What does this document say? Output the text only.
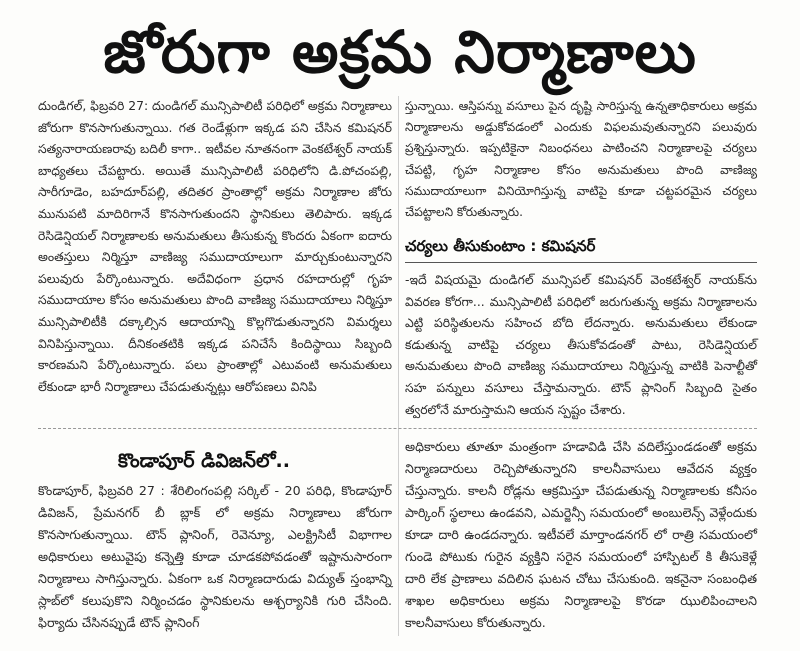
జోరుగా అక్రమ నిర్మాణాలు

దుండిగల్, ఫిబ్రవరి 27: దుండిగల్ మున్సిపాలిటీ పరిధిలో అక్రమ నిర్మాణాలు జోరుగా కొనసాగుతున్నాయి. గత రెండేళ్లుగా ఇక్కడ పని చేసిన కమిషనర్ సత్యనారాయణరావు బదిలీ కాగా.. ఇటీవల నూతనంగా వెంకటేశ్వర్ నాయక్ బాధ్యతలు చేపట్టారు. అయితే మున్సిపాలిటీ పరిధిలోని డి.పోచంపల్లి, సారీగూడెం, బహదూర్‌పల్లి, తదితర ప్రాంతాల్లో అక్రమ నిర్మాణాల జోరు మునుపటి మాదిరిగానే కొనసాగుతుందని స్థానికులు తెలిపారు. ఇక్కడ రెసిడెన్షియల్ నిర్మాణాలకు అనుమతులు తీసుకున్న కొందరు ఏకంగా ఐదారు అంతస్తులు నిర్మిస్తూ వాణిజ్య సముదాయాలుగా మార్చుకుంటున్నారని పలువురు పేర్కొంటున్నారు. అదేవిధంగా ప్రధాన రహదారుల్లో గృహ సముదాయాల కోసం అనుమతులు పొంది వాణిజ్య సముదాయాలు నిర్మిస్తూ మున్సిపాలిటీకి దక్కాల్సిన ఆదాయాన్ని కొల్లగొడుతున్నారని విమర్శలు వినిపిస్తున్నాయి. దీనికంతటికి ఇక్కడ పనిచేసే కిందిస్థాయి సిబ్బంది కారణమని పేర్కొంటున్నారు. పలు ప్రాంతాల్లో ఎటువంటి అనుమతులు లేకుండా భారీ నిర్మాణాలు చేపడుతున్నట్లు ఆరోపణలు వినిపి

స్తున్నాయి. ఆస్తిపన్ను వసూలు పైన దృష్టి సారిస్తున్న ఉన్నతాధికారులు అక్రమ నిర్మాణాలను అడ్డుకోవడంలో ఎందుకు విఫలమవుతున్నారని పలువురు ప్రశ్నిస్తున్నారు. ఇప్పటికైనా నిబంధనలు పాటించని నిర్మాణాలపై చర్యలు చేపట్టి, గృహ నిర్మాణాల కోసం అనుమతులు పొంది వాణిజ్య సముదాయాలుగా వినియోగిస్తున్న వాటిపై కూడా చట్టపరమైన చర్యలు చేపట్టాలని కోరుతున్నారు.

చర్యలు తీసుకుంటాం : కమిషనర్

-ఇదే విషయమై దుండిగల్ మున్సిపల్ కమిషనర్ వెంకటేశ్వర్ నాయక్‌ను వివరణ కోరగా... మున్సిపాలిటీ పరిధిలో జరుగుతున్న అక్రమ నిర్మాణాలను ఎట్టి పరిస్థితులను సహించ బోది లేదన్నారు. అనుమతులు లేకుండా కడుతున్న వాటిపై చర్యలు తీసుకోవడంతో పాటు, రెసిడెన్షియల్ అనుమతులు పొంది వాణిజ్య సముదాయాలు నిర్మిస్తున్న వాటికి పెనాల్టీతో సహ పన్నులు వసూలు చేస్తామన్నారు. టౌన్ ప్లానింగ్ సిబ్బంది సైతం త్వరలోనే మారుస్తామని ఆయన స్పష్టం చేశారు.

కొండాపూర్ డివిజన్‌లో..

కొండాపూర్, ఫిబ్రవరి 27 : శేరిలింగంపల్లి సర్కిల్ - 20 పరిధి, కొండాపూర్ డివిజన్, ప్రేమనగర్ బీ బ్లాక్ లో అక్రమ నిర్మాణాలు జోరుగా కొనసాగుతున్నాయి. టౌన్ ప్లానింగ్, రెవెన్యూ, ఎలక్ట్రిసిటీ విభాగాల అధికారులు అటువైపు కన్నెత్తి కూడా చూడకపోవడంతో ఇష్టానుసారంగా నిర్మాణాలు సాగిస్తున్నారు. ఏకంగా ఒక నిర్మాణదారుడు విద్యుత్ స్తంభాన్ని స్లాబ్‌లో కలుపుకొని నిర్మించడం స్థానికులను ఆశ్చర్యానికి గురి చేసింది. ఫిర్యాదు చేసినప్పుడే టౌన్ ప్లానింగ్

అధికారులు తూతూ మంత్రంగా హడావిడి చేసి వదిలేస్తుండడంతో అక్రమ నిర్మాణదారులు రెచ్చిపోతున్నారని కాలనీవాసులు ఆవేదన వ్యక్తం చేస్తున్నారు. కాలనీ రోడ్లను ఆక్రమిస్తూ చేపడుతున్న నిర్మాణాలకు కనీసం పార్కింగ్ స్థలాలు ఉండవని, ఎమర్జెన్సీ సమయంలో అంబులెన్స్ వెళ్లేందుకు కూడా దారి ఉండదన్నారు. ఇటీవలే మార్తాండనగర్ లో రాత్రి సమయంలో గుండె పోటుకు గురైన వ్యక్తిని సరైన సమయంలో హాస్పిటల్ కి తీసుకెళ్లే దారి లేక ప్రాణాలు వదిలిన ఘటన చోటు చేసుకుంది. ఇకనైనా సంబంధిత శాఖల అధికారులు అక్రమ నిర్మాణాలపై కొరడా ఝులిపించాలని కాలనీవాసులు కోరుతున్నారు.
